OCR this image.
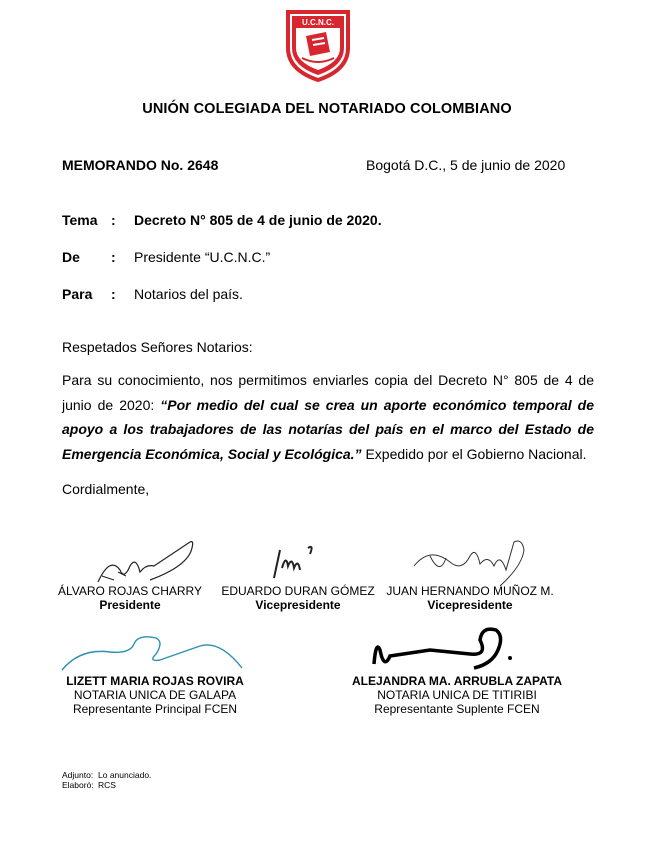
U.C.N.C.
UNIÓN COLEGIADA DEL NOTARIADO COLOMBIANO
MEMORANDO No. 2648	Bogotá D.C., 5 de junio de 2020
Tema : Decreto N° 805 de 4 de junio de 2020.
De : Presidente “U.C.N.C.”
Para : Notarios del país.
Respetados Señores Notarios:
Para su conocimiento, nos permitimos enviarles copia del Decreto N° 805 de 4 de junio de 2020: “Por medio del cual se crea un aporte económico temporal de apoyo a los trabajadores de las notarías del país en el marco del Estado de Emergencia Económica, Social y Ecológica.” Expedido por el Gobierno Nacional.
Cordialmente,
ÁLVARO ROJAS CHARRY
Presidente
EDUARDO DURAN GÓMEZ
Vicepresidente
JUAN HERNANDO MUÑOZ M.
Vicepresidente
LIZETT MARIA ROJAS ROVIRA
NOTARIA UNICA DE GALAPA
Representante Principal FCEN
ALEJANDRA MA. ARRUBLA ZAPATA
NOTARIA UNICA DE TITIRIBI
Representante Suplente FCEN
Adjunto: Lo anunciado.
Elaboró: RCS
